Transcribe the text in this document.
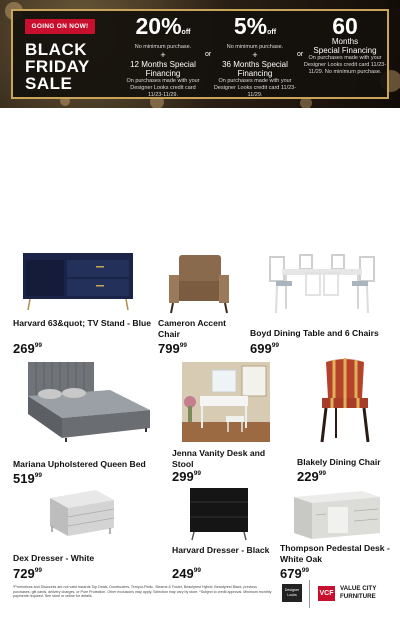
GOING ON NOW!
BLACK
FRIDAY
SALE
20%off
No minimum purchase.
+
12 Months Special Financing
On purchases made with your Designer Looks credit card 11/23-11/29.
or
5%off
No minimum purchase.
+
36 Months Special Financing
On purchases made with your Designer Looks credit card 11/23-11/29.
or
60
Months
Special Financing
On purchases made with your Designer Looks credit card 11/23-11/29. No minimum purchase.
Harvard 63&quot; TV Stand - Blue
$269^{99}$
Cameron Accent Chair
$799^{99}$
Boyd Dining Table and 6 Chairs
$699^{99}$
Mariana Upholstered Queen Bed
$519^{99}$
Jenna Vanity Desk and Stool
$299^{99}$
Blakely Dining Chair
$229^{99}$
Dex Dresser - White
$729^{99}$
Harvard Dresser - Black
$249^{99}$
Thompson Pedestal Desk - White Oak
$679^{99}$
*Promotions and Discounts are not valid towards Top Deals, Doorbusters, Tempur-Pedic, Stearns & Foster, Beautyrest Hybrid, Beautyrest Black, previous purchases, gift cards, delivery charges, or Pure Protection. Other exclusions may apply. Selection may vary by store. *Subject to credit approval. Minimum monthly payments required. See store or online for details.
Designer Looks	VCF
VALUE CITY
FURNITURE
